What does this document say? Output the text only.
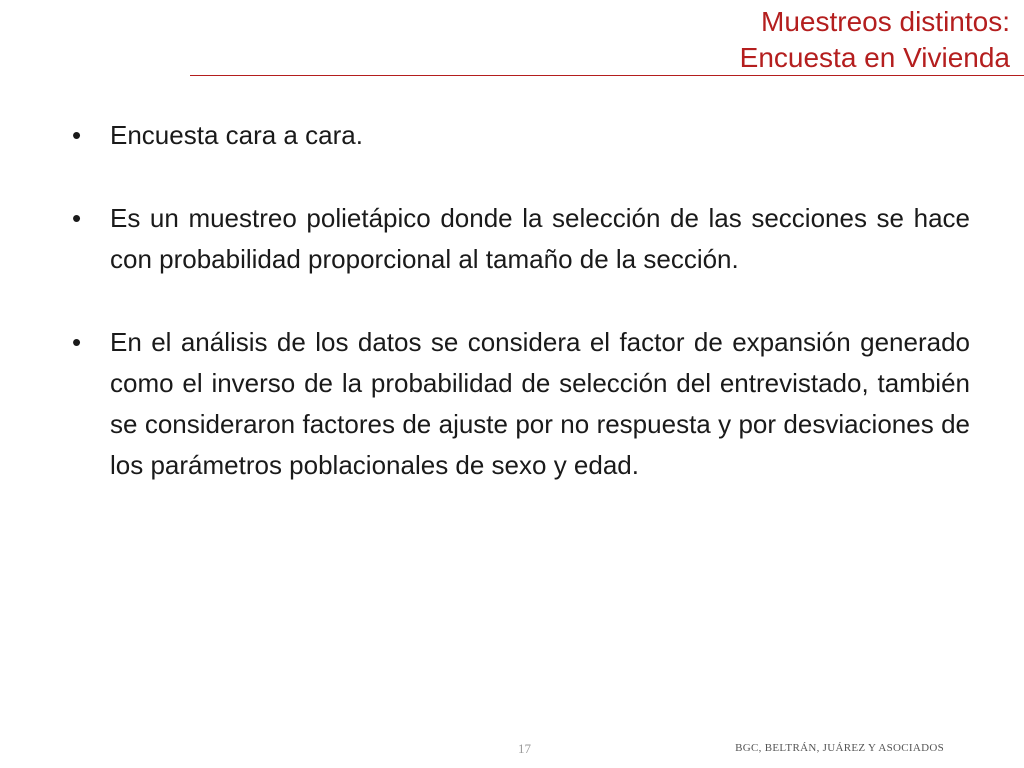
Muestreos distintos:
Encuesta en Vivienda
• Encuesta cara a cara.
• Es un muestreo polietápico donde la selección de las secciones se hace con probabilidad proporcional al tamaño de la sección.
• En el análisis de los datos se considera el factor de expansión generado como el inverso de la probabilidad de selección del entrevistado, también se consideraron factores de ajuste por no respuesta y por desviaciones de los parámetros poblacionales de sexo y edad.
17	BGC, BELTRÁN, JUÁREZ Y ASOCIADOS
